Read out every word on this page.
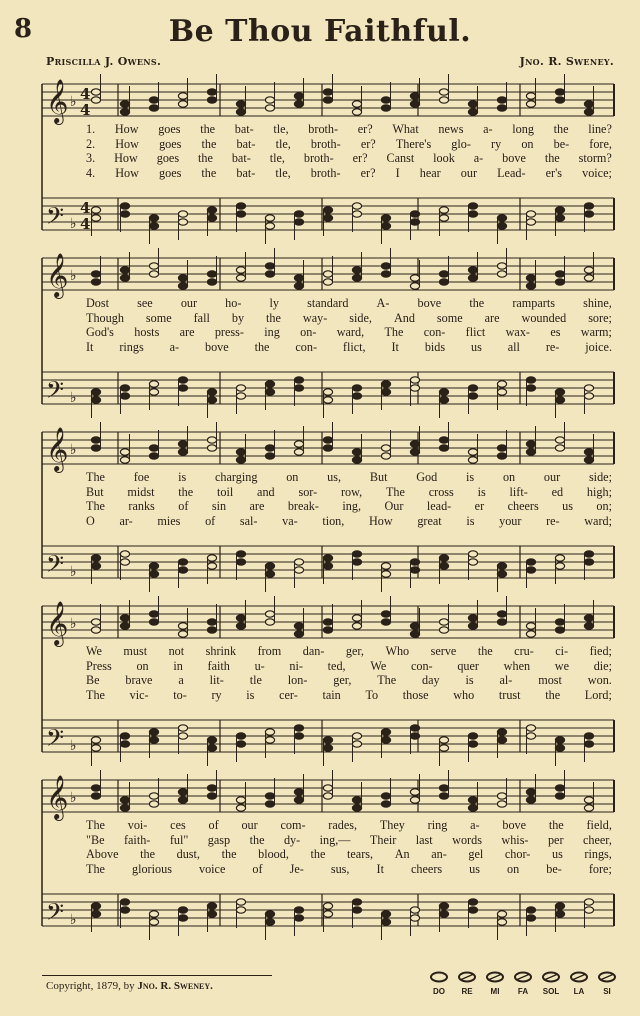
8	Be Thou Faithful.
Priscilla J. Owens.	Jno. R. Sweney.
𝄞 ♭ 4
4
𝄢 ♭
4
4
1. How goes the bat- tle, broth- er? What news a- long the line?
2. How goes the bat- tle, broth- er? There's glo- ry on be- fore,
3. How goes the bat- tle, broth- er? Canst look a- bove the storm?
4. How goes the bat- tle, broth- er? I hear our Lead- er's voice;
𝄞 ♭
𝄢 ♭
Dost see our ho- ly standard A- bove the ramparts shine,
Though some fall by the way- side, And some are wounded sore;
God's hosts are press- ing on- ward, The con- flict wax- es warm;
It rings a- bove the con- flict, It bids us all re- joice.
𝄞 ♭
𝄢 ♭
The foe is charging on us, But God is on our side;
But midst the toil and sor- row, The cross is lift- ed high;
The ranks of sin are break- ing, Our lead- er cheers us on;
O ar- mies of sal- va- tion, How great is your re- ward;
𝄞 ♭
𝄢 ♭
We must not shrink from dan- ger, Who serve the cru- ci- fied;
Press on in faith u- ni- ted, We con- quer when we die;
Be brave a lit- tle lon- ger, The day is al- most won.
The vic- to- ry is cer- tain To those who trust the Lord;
𝄞 ♭
𝄢 ♭
The voi- ces of our com- rades, They ring a- bove the field,
"Be faith- ful" gasp the dy- ing,— Their last words whis- per cheer,
Above the dust, the blood, the tears, An an- gel chor- us rings,
The glorious voice of Je- sus, It cheers us on be- fore;
Copyright, 1879, by Jno. R. Sweney.	DO	RE	MI	FA	SOL	LA	SI
